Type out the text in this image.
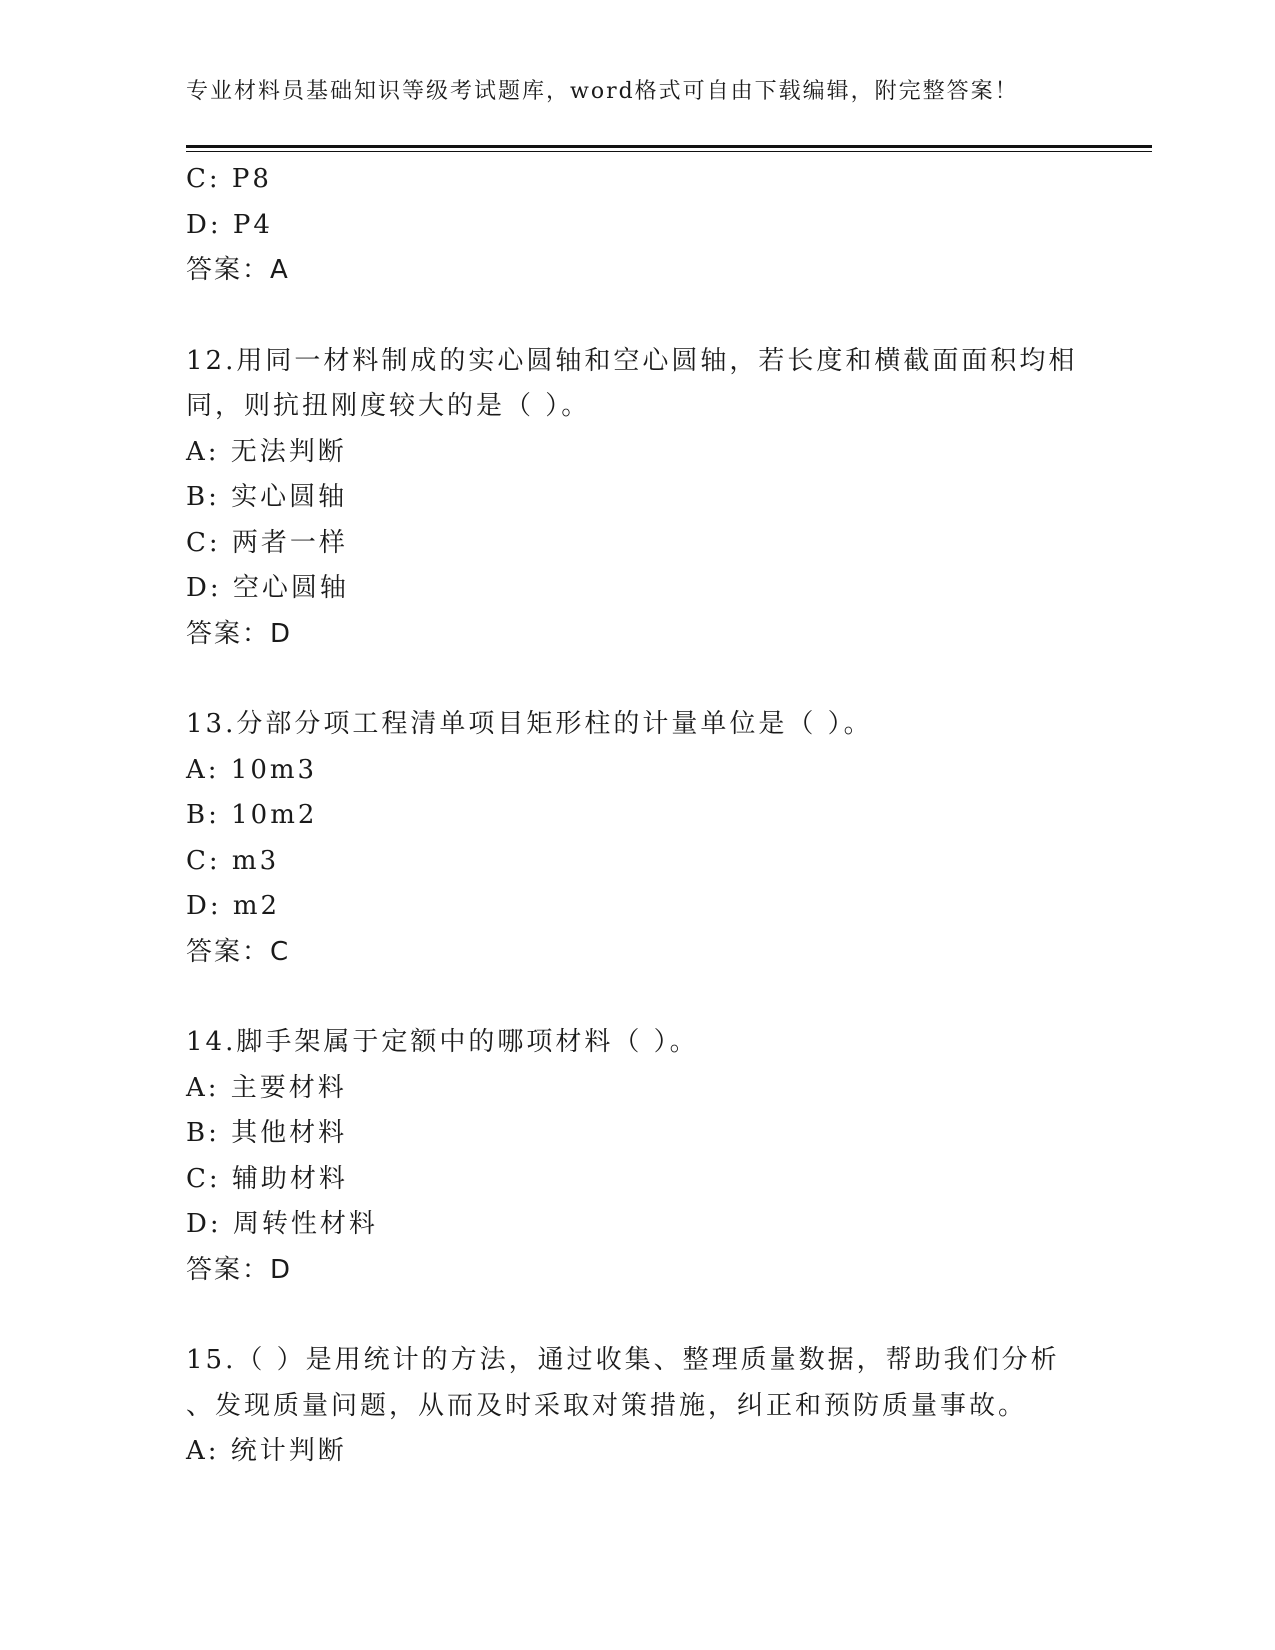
专业材料员基础知识等级考试题库，word格式可自由下载编辑，附完整答案！
C: P8
D: P4
答案：A
12.用同一材料制成的实心圆轴和空心圆轴，若长度和横截面面积均相
同，则抗扭刚度较大的是（ ）。
A: 无法判断
B: 实心圆轴
C: 两者一样
D: 空心圆轴
答案：D
13.分部分项工程清单项目矩形柱的计量单位是（ ）。
A: 10m3
B: 10m2
C: m3
D: m2
答案：C
14.脚手架属于定额中的哪项材料（ ）。
A: 主要材料
B: 其他材料
C: 辅助材料
D: 周转性材料
答案：D
15.（ ）是用统计的方法，通过收集、整理质量数据，帮助我们分析
、发现质量问题，从而及时采取对策措施，纠正和预防质量事故。
A: 统计判断
